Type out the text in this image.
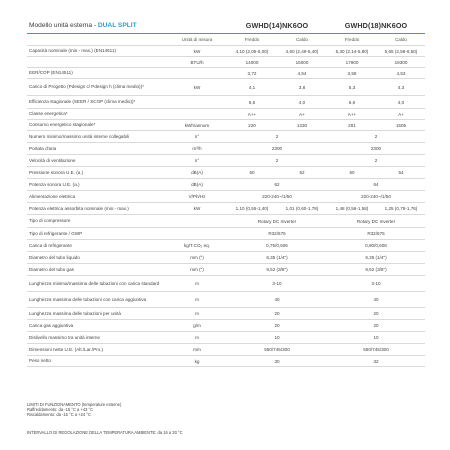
Modello unità esterna - DUAL SPLIT		GWHD(14)NK6OO		GWHD(18)NK6OO	
	Unità di misura	Freddo	Caldo	Freddo	Caldo
Capacità nominale (min.- max.) (EN14511)	kW	4,10 (2,05-5,00)	4,60 (2,49-5,40)	5,30 (2,14-5,80)	5,65 (2,58-6,50)
	BTU/h	14000	15000	17900	19300
EER/COP (EN14511)		3,72	4,54	3,58	4,53
Carico di Progetto (Pdesign c/ Pdesign h (clima medio))*	kW	4,1	3,8	5,3	4,3
Efficienza stagionale (SEER / SCOP (clima medio))*		6,5	4,0	6,6	4,0
Classe energetica*		A++	A+	A++	A+
Consumo energetico stagionale*	kWh/annum	220	1330	281	1505
Numero minimo/massimo unità interne collegabili	n°	2		2	
Portata d'aria	m³/h	2300		2300	
Velocità di ventilazione	n°	2		2	
Pressione sonora U.E. (a.)	dB(A)	50	52	50	54
Potenza sonora U.E. (a.)	dB(A)	62		64	
Alimentazione elettrica	V/Ph/Hz	220-240~/1/50		220-240~/1/50	
Potenza elettrica assorbita nominale (min.- max.)	kW	1,10 (0,55-1,40)	1,01 (0,60-1,78)	1,48 (0,56-1,58)	1,25 (0,78-1,76)
Tipo di compressore		Rotary DC Inverter		Rotary DC Inverter	
Tipo di refrigerante / GWP		R32/675		R32/675	
Carica di refrigerante	kg/T.CO₂ eq.	0,75/0,506		0,90/0,608	
Diametro del tubo liquido	mm (")	6,35 (1/4")		6,35 (1/4")	
Diametro del tubo gas	mm (")	9,52 (3/8")		9,52 (3/8")	
Lunghezza minima/massima delle tubazioni con carica standard	m	3-10		3-10	
Lunghezza massima delle tubazioni con carica aggiuntiva	m	40		40	
Lunghezza massima delle tubazioni per unità	m	20		20	
Carica gas aggiuntiva	g/m	20		20	
Dislivello massimo tra unità interne	m	10		10	
Dimensioni nette U.E. (Alt./Lar./Pro.)	mm	550/745/300		550/745/300	
Peso netto	kg	30		32	
LIMITI DI FUNZIONAMENTO (temperature esterne)
Raffreddamento: da -15 °C a +43 °C
Riscaldamento: da -15 °C a +24 °C
INTERVALLO DI REGOLAZIONE DELLA TEMPERATURA AMBIENTE: da 16 a 30 °C
